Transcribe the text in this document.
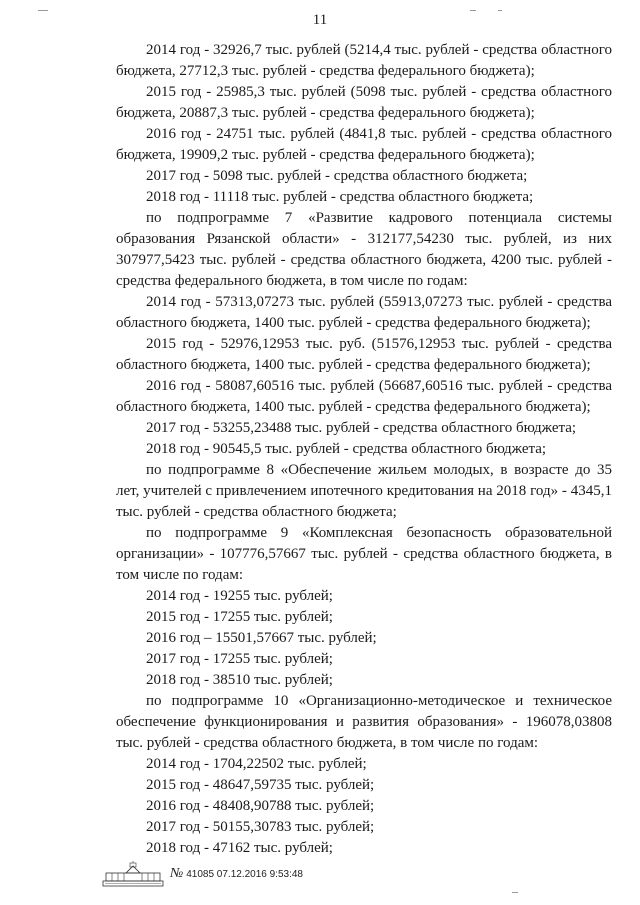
11

2014 год - 32926,7 тыс. рублей (5214,4 тыс. рублей - средства областного бюджета, 27712,3 тыс. рублей - средства федерального бюджета);

2015 год - 25985,3 тыс. рублей (5098 тыс. рублей - средства областного бюджета, 20887,3 тыс. рублей - средства федерального бюджета);

2016 год - 24751 тыс. рублей (4841,8 тыс. рублей - средства областного бюджета, 19909,2 тыс. рублей - средства федерального бюджета);

2017 год - 5098 тыс. рублей - средства областного бюджета;

2018 год - 11118 тыс. рублей - средства областного бюджета;

по подпрограмме 7 «Развитие кадрового потенциала системы образования Рязанской области» - 312177,54230 тыс. рублей, из них 307977,5423 тыс. рублей - средства областного бюджета, 4200 тыс. рублей - средства федерального бюджета, в том числе по годам:

2014 год - 57313,07273 тыс. рублей (55913,07273 тыс. рублей - средства областного бюджета, 1400 тыс. рублей - средства федерального бюджета);

2015 год - 52976,12953 тыс. руб. (51576,12953 тыс. рублей - средства областного бюджета, 1400 тыс. рублей - средства федерального бюджета);

2016 год - 58087,60516 тыс. рублей (56687,60516 тыс. рублей - средства областного бюджета, 1400 тыс. рублей - средства федерального бюджета);

2017 год - 53255,23488 тыс. рублей - средства областного бюджета;

2018 год - 90545,5 тыс. рублей - средства областного бюджета;

по подпрограмме 8 «Обеспечение жильем молодых, в возрасте до 35 лет, учителей с привлечением ипотечного кредитования на 2018 год» - 4345,1 тыс. рублей - средства областного бюджета;

по подпрограмме 9 «Комплексная безопасность образовательной организации» - 107776,57667 тыс. рублей - средства областного бюджета, в том числе по годам:

2014 год - 19255 тыс. рублей;

2015 год - 17255 тыс. рублей;

2016 год – 15501,57667 тыс. рублей;

2017 год - 17255 тыс. рублей;

2018 год - 38510 тыс. рублей;

по подпрограмме 10 «Организационно-методическое и техническое обеспечение функционирования и развития образования» - 196078,03808 тыс. рублей - средства областного бюджета, в том числе по годам:

2014 год - 1704,22502 тыс. рублей;

2015 год - 48647,59735 тыс. рублей;

2016 год - 48408,90788 тыс. рублей;

2017 год - 50155,30783 тыс. рублей;

2018 год - 47162 тыс. рублей;

№ 41085 07.12.2016 9:53:48
